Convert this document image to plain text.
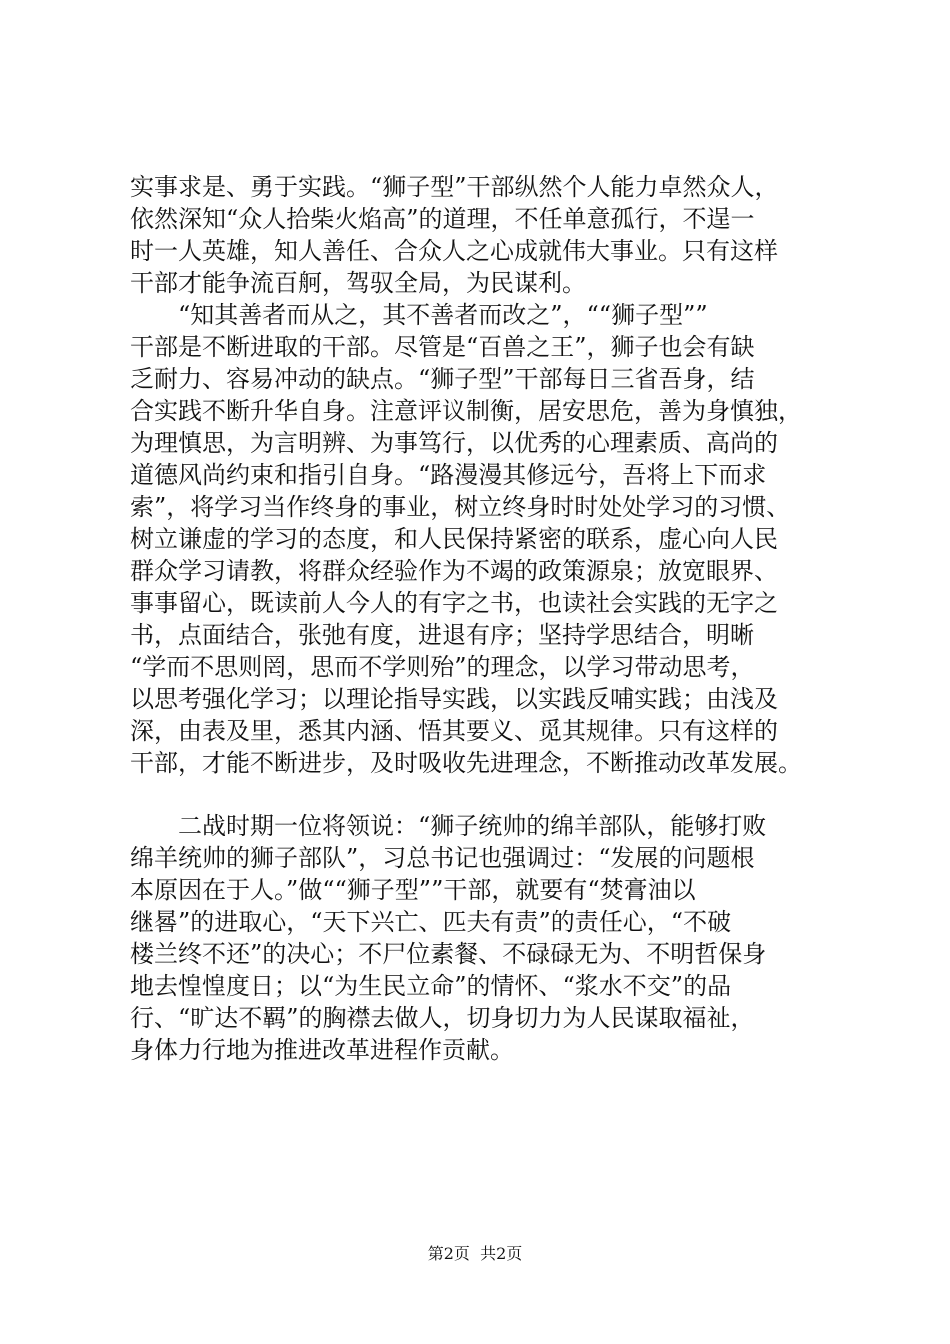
实事求是、勇于实践。“狮子型”干部纵然个人能力卓然众人，
依然深知“众人拾柴火焰高”的道理，不任单意孤行，不逞一
时一人英雄，知人善任、合众人之心成就伟大事业。只有这样
干部才能争流百舸，驾驭全局，为民谋利。
“知其善者而从之，其不善者而改之”，““狮子型””
干部是不断进取的干部。尽管是“百兽之王”，狮子也会有缺
乏耐力、容易冲动的缺点。“狮子型”干部每日三省吾身，结
合实践不断升华自身。注意评议制衡，居安思危，善为身慎独，
为理慎思，为言明辨、为事笃行，以优秀的心理素质、高尚的
道德风尚约束和指引自身。“路漫漫其修远兮，吾将上下而求
索”，将学习当作终身的事业，树立终身时时处处学习的习惯、
树立谦虚的学习的态度，和人民保持紧密的联系，虚心向人民
群众学习请教，将群众经验作为不竭的政策源泉；放宽眼界、
事事留心，既读前人今人的有字之书，也读社会实践的无字之
书，点面结合，张弛有度，进退有序；坚持学思结合，明晰
“学而不思则罔，思而不学则殆”的理念，以学习带动思考，
以思考强化学习；以理论指导实践，以实践反哺实践；由浅及
深，由表及里，悉其内涵、悟其要义、觅其规律。只有这样的
干部，才能不断进步，及时吸收先进理念，不断推动改革发展。
二战时期一位将领说：“狮子统帅的绵羊部队，能够打败
绵羊统帅的狮子部队”，习总书记也强调过：“发展的问题根
本原因在于人。”做““狮子型””干部，就要有“焚膏油以
继晷”的进取心，“天下兴亡、匹夫有责”的责任心，“不破
楼兰终不还”的决心；不尸位素餐、不碌碌无为、不明哲保身
地去惶惶度日；以“为生民立命”的情怀、“浆水不交”的品
行、“旷达不羁”的胸襟去做人，切身切力为人民谋取福祉，
身体力行地为推进改革进程作贡献。
第2页  共2页
